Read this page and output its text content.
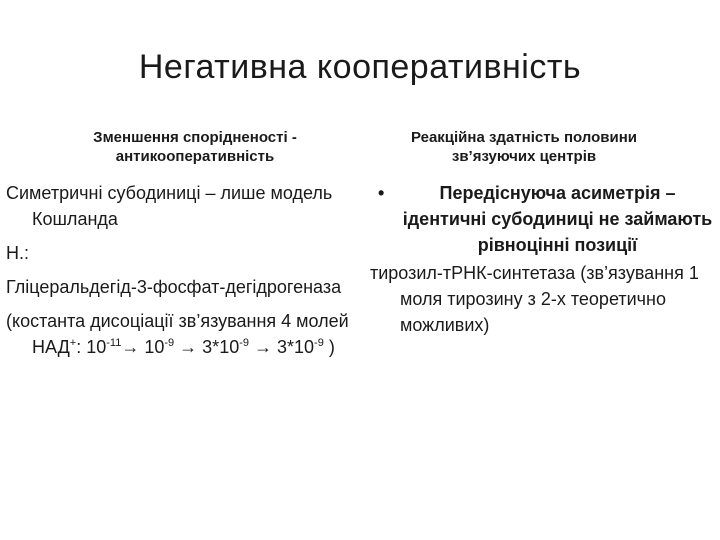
Негативна кооперативність
Зменшення спорідненості - антикооперативність
Реакційна здатність половини зв’язуючих центрів
Симетричні субодиниці – лише модель Кошланда
Н.:
Гліцеральдегід-3-фосфат-дегідрогеназа
(костанта дисоціації зв’язування 4 молей НАД+: $10^{-11}\to 10^{-9} \to 3*10^{-9} \to 3*10^{-9}$ )
•	Передіснуюча асиметрія – ідентичні субодиниці не займають рівноцінні позиції
тирозил-тРНК-синтетаза (зв’язування 1 моля тирозину з 2-х теоретично можливих)
